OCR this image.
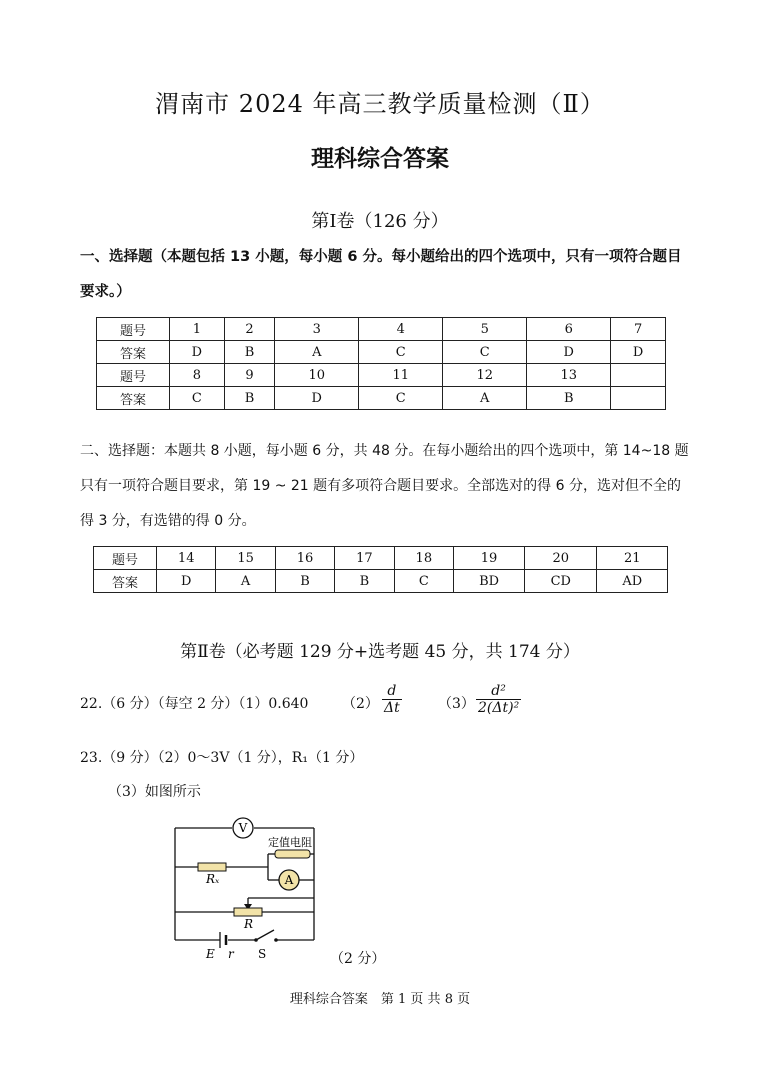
渭南市 2024 年高三教学质量检测（Ⅱ）
理科综合答案
第Ⅰ卷（126 分）
一、选择题（本题包括 13 小题，每小题 6 分。每小题给出的四个选项中，只有一项符合题目要求。）
题号	1	2	3	4	5	6	7
答案	D	B	A	C	C	D	D
题号	8	9	10	11	12	13	
答案	C	B	D	C	A	B	
二、选择题：本题共 8 小题，每小题 6 分，共 48 分。在每小题给出的四个选项中，第 14~18 题只有一项符合题目要求，第 19 ~ 21 题有多项符合题目要求。全部选对的得 6 分，选对但不全的得 3 分，有选错的得 0 分。
题号	14	15	16	17	18	19	20	21
答案	D	A	B	B	C	BD	CD	AD
第Ⅱ卷（必考题 129 分+选考题 45 分，共 174 分）
22.（6 分）（每空 2 分）（1）0.640 $(2) \frac{d}{\Delta t}$	$(3) \frac{\text{d²}}{\text{2(Δt)²}}$
23.（9 分）（2）0～3V（1 分），R₁（1 分）
（3）如图所示
V
Rₓ
定值电阻
A
R
E r S	（2 分）
理科综合答案　第 1 页 共 8 页
